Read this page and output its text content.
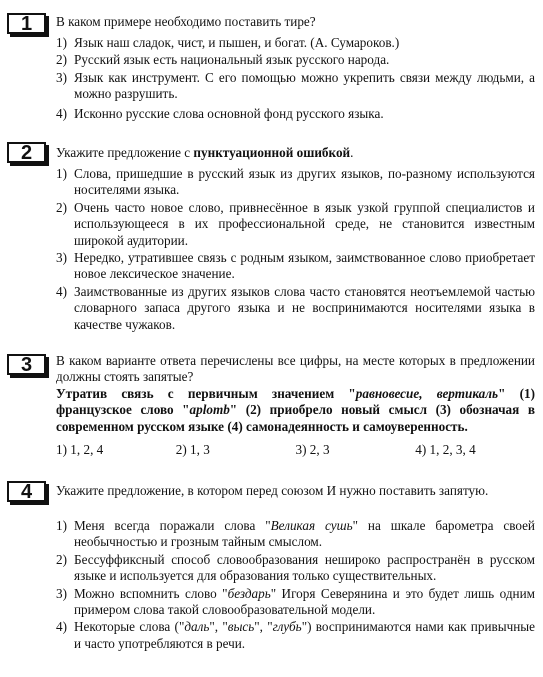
1	В каком примере необходимо поставить тире?
1) Язык наш сладок, чист, и пышен, и богат. (А. Сумароков.)
2) Русский язык есть национальный язык русского народа.
3) Язык как инструмент. С его помощью можно укрепить связи между людьми, а можно разрушить.
4) Исконно русские слова основной фонд русского языка.
2	Укажите предложение с пунктуационной ошибкой.
1) Слова, пришедшие в русский язык из других языков, по-разному используются носителями языка.
2) Очень часто новое слово, привнесённое в язык узкой группой специалистов и использующееся в их профессиональной среде, не становится известным широкой аудитории.
3) Нередко, утратившее связь с родным языком, заимствованное слово приобретает новое лексическое значение.
4) Заимствованные из других языков слова часто становятся неотъемлемой частью словарного запаса другого языка и не воспринимаются носителями языка в качестве чужаков.
3	В каком варианте ответа перечислены все цифры, на месте которых в предложении должны стоять запятые?
Утратив связь с первичным значением "равновесие, вертикаль" (1) французское слово "aplomb" (2) приобрело новый смысл (3) обозначая в современном русском языке (4) самонадеянность и самоуверенность.
1) 1, 2, 4	2) 1, 3	3) 2, 3	4) 1, 2, 3, 4
4	Укажите предложение, в котором перед союзом И нужно поставить запятую.
1) Меня всегда поражали слова "Великая сушь" на шкале барометра своей необычностью и грозным тайным смыслом.
2) Бессуффиксный способ словообразования нешироко распространён в русском языке и используется для образования только существительных.
3) Можно вспомнить слово "бездарь" Игоря Северянина и это будет лишь одним примером слова такой словообразовательной модели.
4) Некоторые слова ("даль", "высь", "глубь") воспринимаются нами как привычные и часто употребляются в речи.
